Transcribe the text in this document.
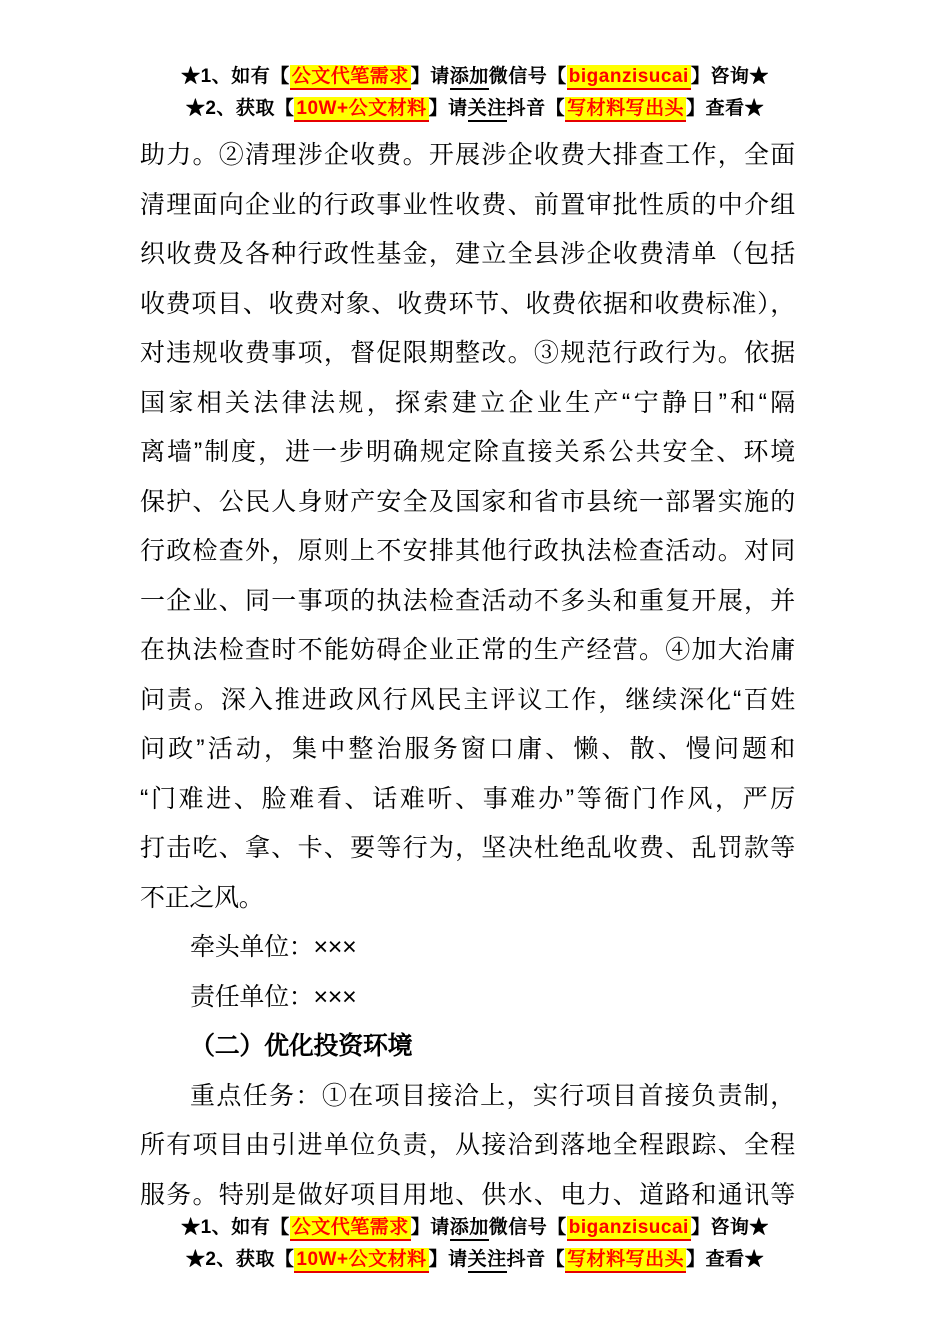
★1、如有【 公文代笔需求 】请添加微信号【 biganzisucai 】咨询★
★2、获取【 10W+公文材料 】请关注抖音【 写材料写出头 】查看★
助力。②清理涉企收费。开展涉企收费大排查工作，全面
清理面向企业的行政事业性收费、前置审批性质的中介组
织收费及各种行政性基金，建立全县涉企收费清单（包括
收费项目、收费对象、收费环节、收费依据和收费标准），
对违规收费事项，督促限期整改。③规范行政行为。依据
国家相关法律法规，探索建立企业生产“宁静日”和“隔
离墙”制度，进一步明确规定除直接关系公共安全、环境
保护、公民人身财产安全及国家和省市县统一部署实施的
行政检查外，原则上不安排其他行政执法检查活动。对同
一企业、同一事项的执法检查活动不多头和重复开展，并
在执法检查时不能妨碍企业正常的生产经营。④加大治庸
问责。深入推进政风行风民主评议工作，继续深化“百姓
问政”活动，集中整治服务窗口庸、懒、散、慢问题和
“门难进、脸难看、话难听、事难办”等衙门作风，严厉
打击吃、拿、卡、要等行为，坚决杜绝乱收费、乱罚款等
不正之风。
牵头单位：×××
责任单位：×××
（二）优化投资环境
重点任务：①在项目接洽上，实行项目首接负责制，
所有项目由引进单位负责，从接洽到落地全程跟踪、全程
服务。特别是做好项目用地、供水、电力、道路和通讯等
★1、如有【 公文代笔需求 】请添加微信号【 biganzisucai 】咨询★
★2、获取【 10W+公文材料 】请关注抖音【 写材料写出头 】查看★
